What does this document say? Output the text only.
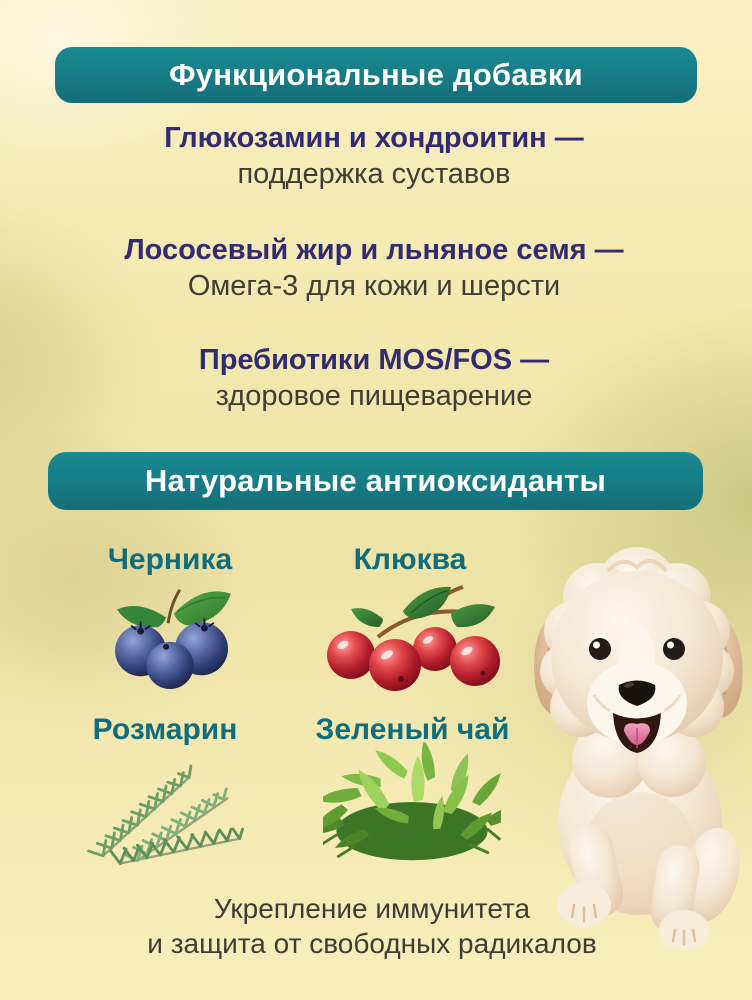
Функциональные добавки
Глюкозамин и хондроитин —
поддержка суставов
Лососевый жир и льняное семя —
Омега-3 для кожи и шерсти
Пребиотики MOS/FOS —
здоровое пищеварение
Натуральные антиоксиданты
Черника	Клюква
Розмарин	Зеленый чай
Укрепление иммунитета
и защита от свободных радикалов
